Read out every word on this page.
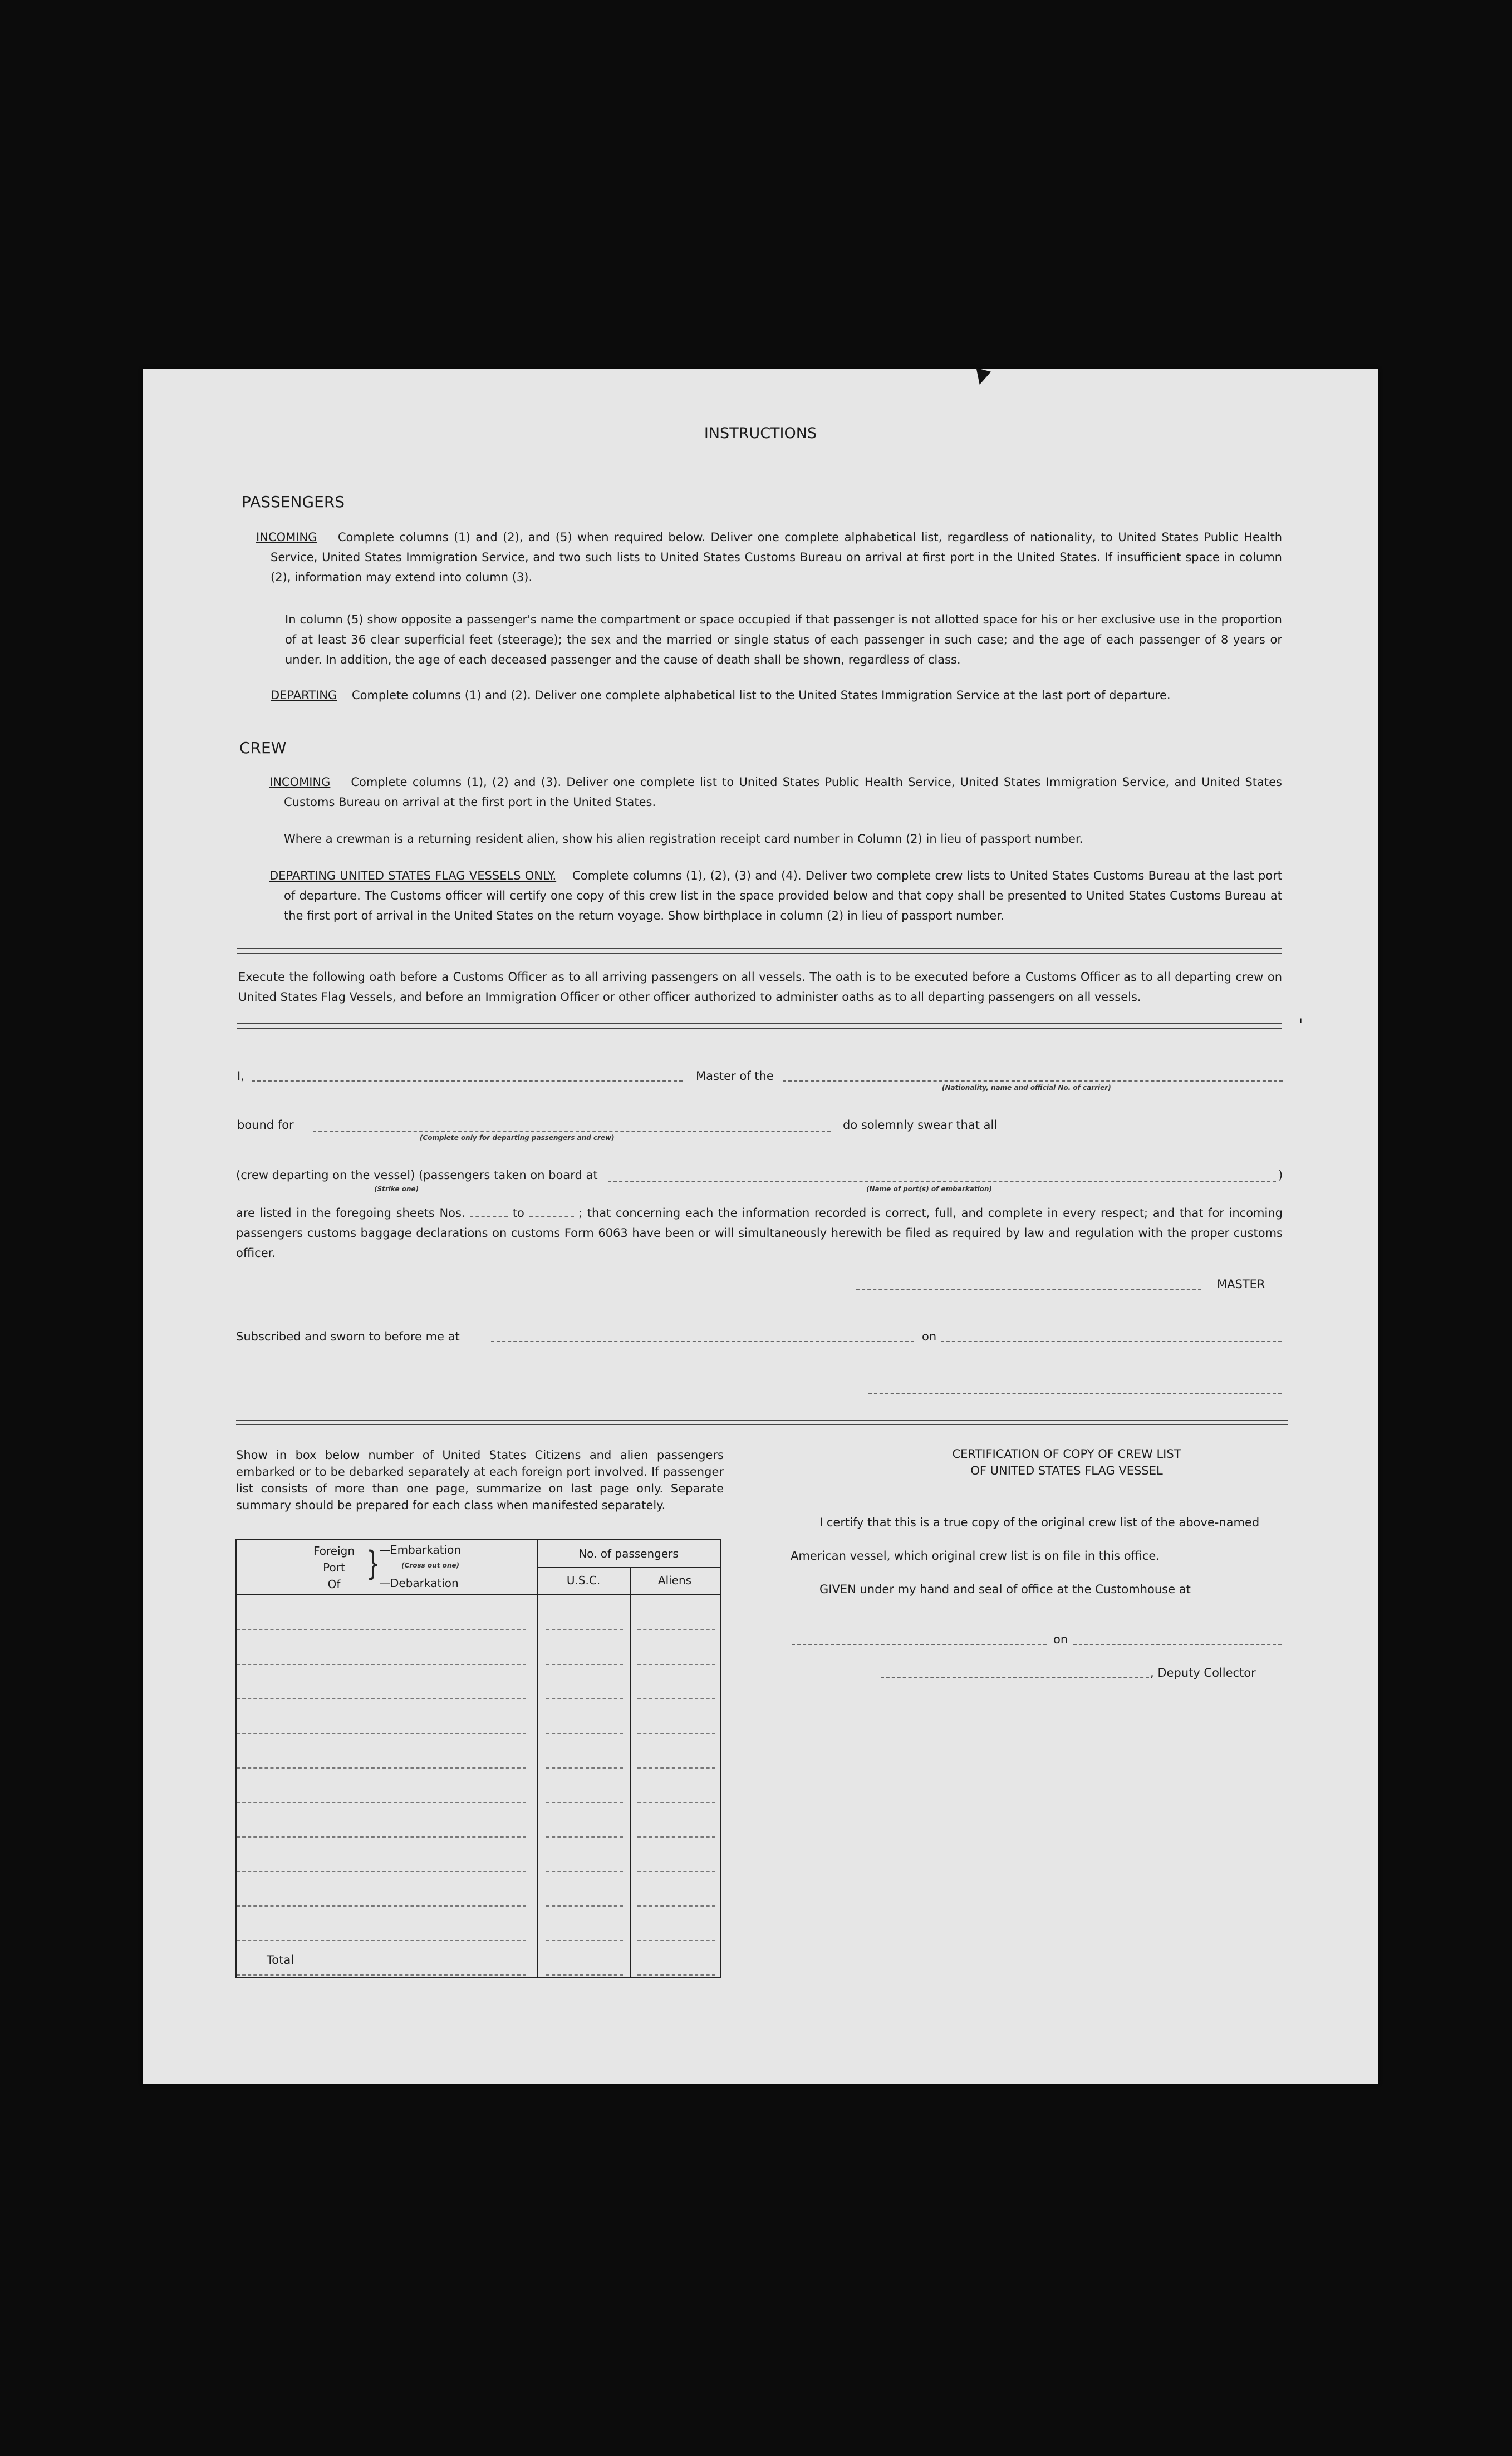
INSTRUCTIONS
PASSENGERS
INCOMING Complete columns (1) and (2), and (5) when required below. Deliver one complete alphabetical list, regardless of nationality, to United States Public Health Service, United States Immigration Service, and two such lists to United States Customs Bureau on arrival at first port in the United States. If insufficient space in column (2), information may extend into column (3).
In column (5) show opposite a passenger's name the compartment or space occupied if that passenger is not allotted space for his or her exclusive use in the proportion of at least 36 clear superficial feet (steerage); the sex and the married or single status of each passenger in such case; and the age of each passenger of 8 years or under. In addition, the age of each deceased passenger and the cause of death shall be shown, regardless of class.
DEPARTING Complete columns (1) and (2). Deliver one complete alphabetical list to the United States Immigration Service at the last port of departure.
CREW
INCOMING Complete columns (1), (2) and (3). Deliver one complete list to United States Public Health Service, United States Immigration Service, and United States Customs Bureau on arrival at the first port in the United States.
Where a crewman is a returning resident alien, show his alien registration receipt card number in Column (2) in lieu of passport number.
DEPARTING UNITED STATES FLAG VESSELS ONLY. Complete columns (1), (2), (3) and (4). Deliver two complete crew lists to United States Customs Bureau at the last port of departure. The Customs officer will certify one copy of this crew list in the space provided below and that copy shall be presented to United States Customs Bureau at the first port of arrival in the United States on the return voyage. Show birthplace in column (2) in lieu of passport number.
Execute the following oath before a Customs Officer as to all arriving passengers on all vessels. The oath is to be executed before a Customs Officer as to all departing crew on United States Flag Vessels, and before an Immigration Officer or other officer authorized to administer oaths as to all departing passengers on all vessels.
ˌ
I,	Master of the
(Nationality, name and official No. of carrier)
bound for
(Complete only for departing passengers and crew)
do solemnly swear that all
(crew departing on the vessel) (passengers taken on board at	)
(Strike one)	(Name of port(s) of embarkation)
are listed in the foregoing sheets Nos.	to	; that concerning each the information recorded is correct, full, and complete in every respect; and that for incoming passengers customs baggage declarations on customs Form 6063 have been or will simultaneously herewith be filed as required by law and regulation with the proper customs officer.
MASTER
Subscribed and sworn to before me at	on
Show in box below number of United States Citizens and alien passengers embarked or to be debarked separately at each foreign port involved. If passenger list consists of more than one page, summarize on last page only. Separate summary should be prepared for each class when manifested separately.
Foreign
Port
Of
} —Embarkation
(Cross out one)
—Debarkation
No. of passengers
U.S.C.	Aliens
Total
CERTIFICATION OF COPY OF CREW LIST
OF UNITED STATES FLAG VESSEL
I certify that this is a true copy of the original crew list of the above-named
American vessel, which original crew list is on file in this office.
GIVEN under my hand and seal of office at the Customhouse at
on
, Deputy Collector
▼
